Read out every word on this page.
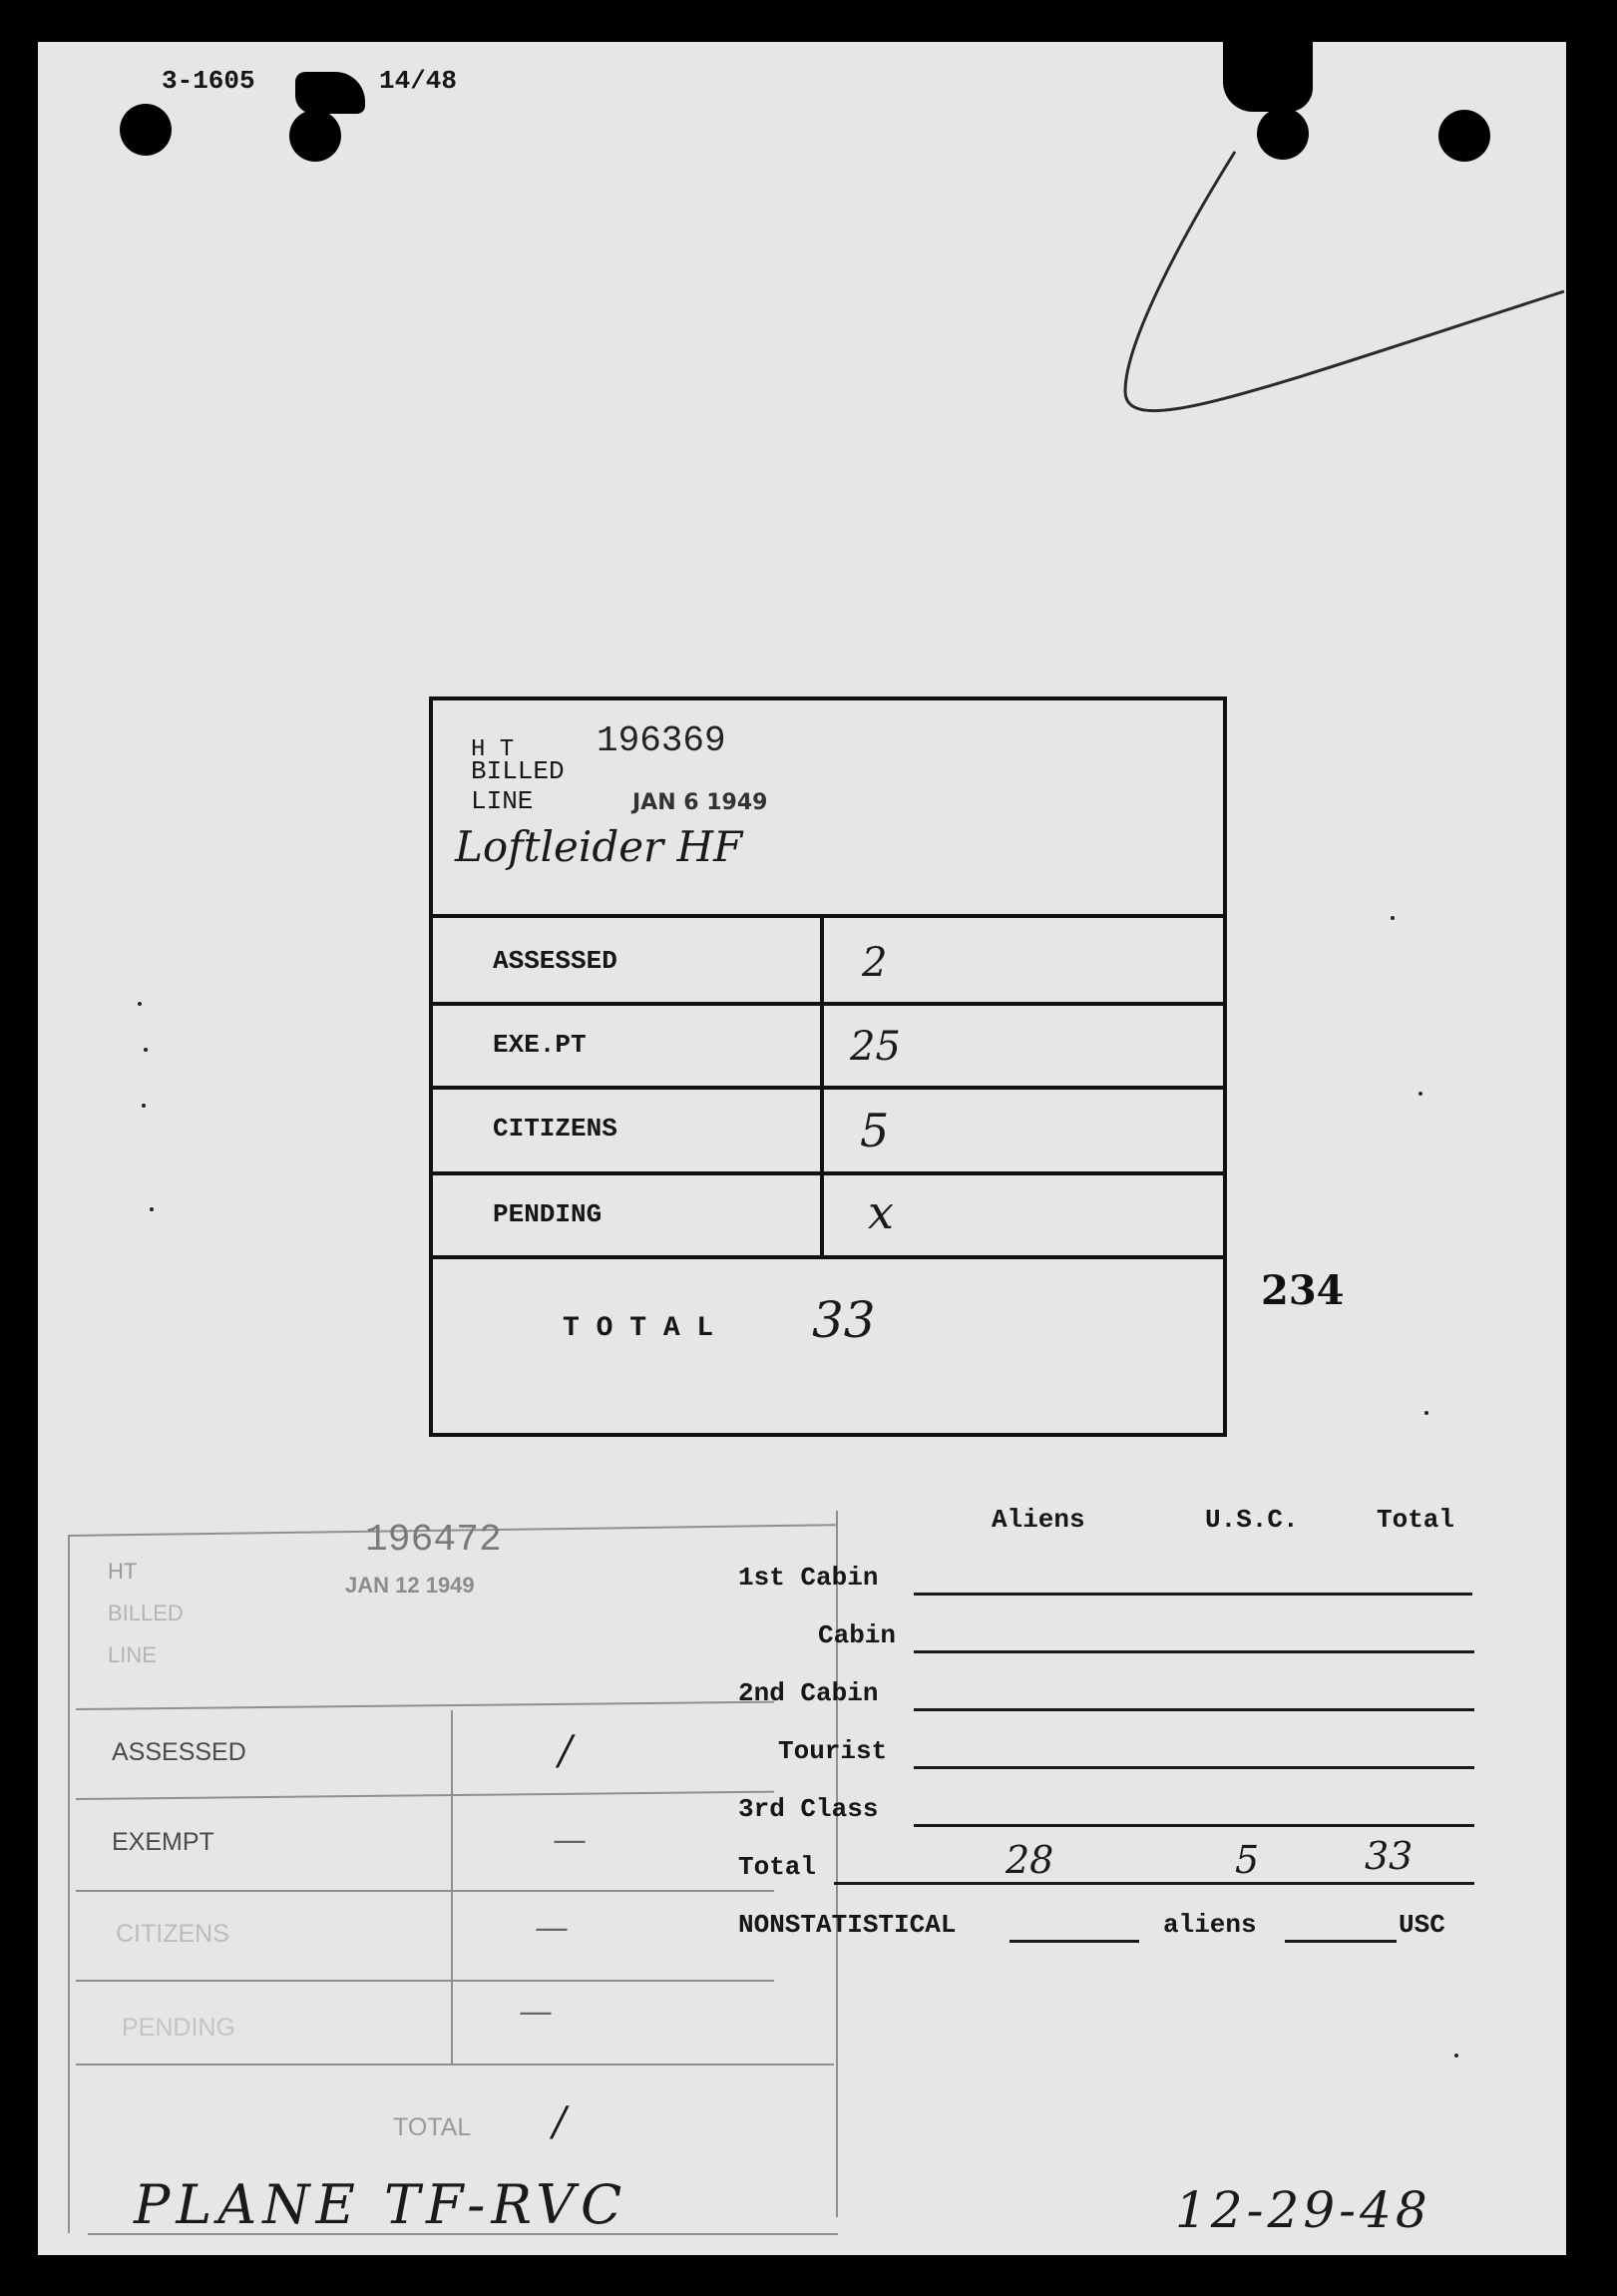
3-1605	14/48
H T 196369
BILLED
LINE	JAN 6 1949
Loftleider HF
ASSESSED	2
EXE.PT	25
CITIZENS	5
PENDING	x
T O T A L 33
234
HT
196472
BILLED
JAN 12 1949
LINE
ASSESSED	/
EXEMPT	—
CITIZENS	—
PENDING	—
TOTAL /
Aliens	U.S.C.	Total
1st Cabin
Cabin
2nd Cabin
Tourist
3rd Class
Total	28	5	33
NONSTATISTICAL	aliens	USC
PLANE TF-RVC	12-29-48
